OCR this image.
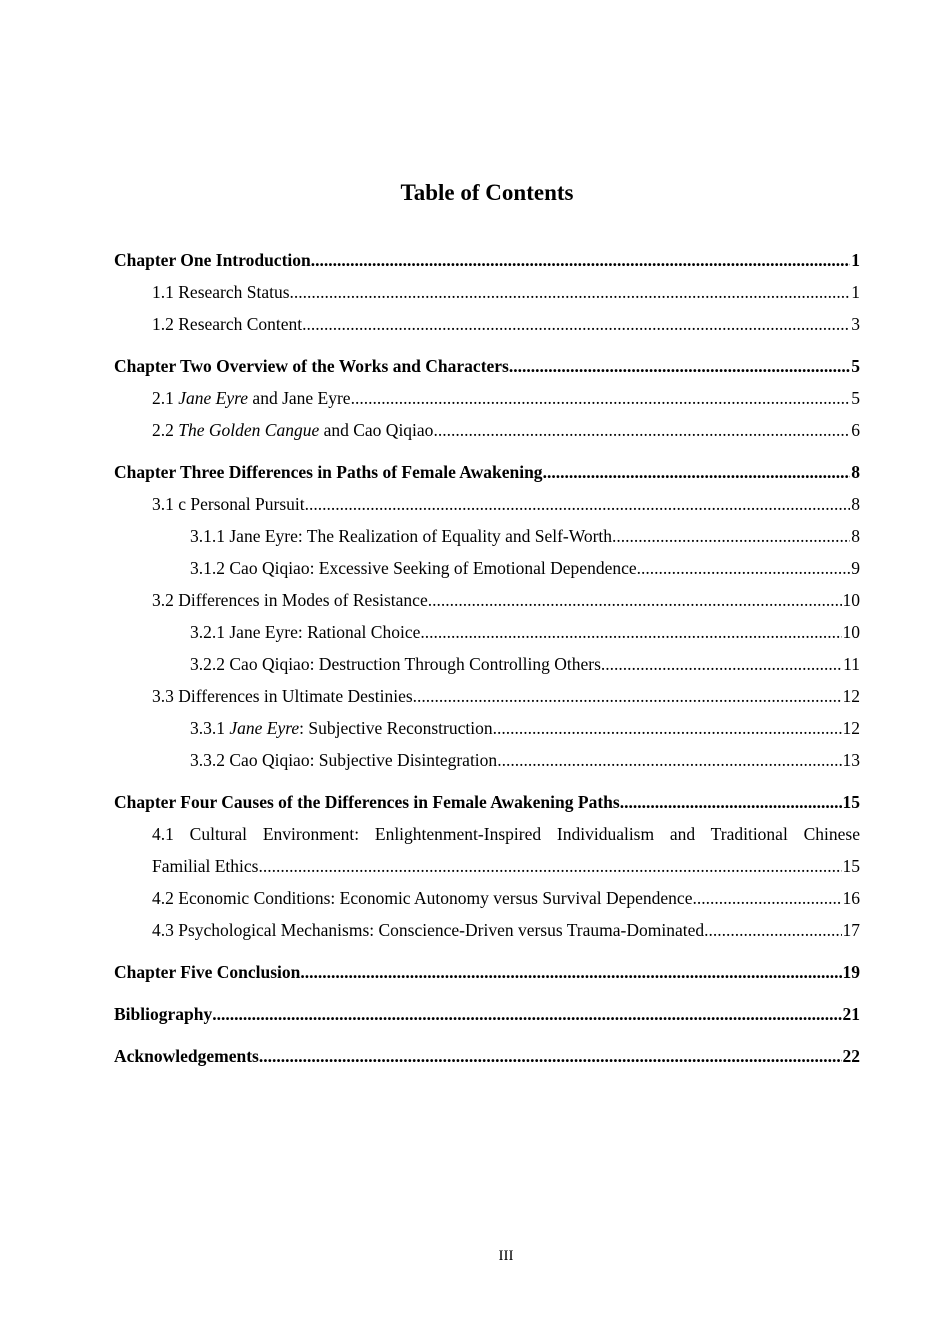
Table of Contents
Chapter One Introduction .....	1
1.1 Research Status .....	1
1.2 Research Content .....	3
Chapter Two Overview of the Works and Characters .....	5
2.1 Jane Eyre and Jane Eyre .....	5
2.2 The Golden Cangue and Cao Qiqiao .....	6
Chapter Three Differences in Paths of Female Awakening .....	8
3.1 c Personal Pursuit .....	8
3.1.1 Jane Eyre: The Realization of Equality and Self-Worth .....	8
3.1.2 Cao Qiqiao: Excessive Seeking of Emotional Dependence .....	9
3.2 Differences in Modes of Resistance .....	10
3.2.1 Jane Eyre: Rational Choice .....	10
3.2.2 Cao Qiqiao: Destruction Through Controlling Others .....	11
3.3 Differences in Ultimate Destinies .....	12
3.3.1 Jane Eyre: Subjective Reconstruction .....	12
3.3.2 Cao Qiqiao: Subjective Disintegration .....	13
Chapter Four Causes of the Differences in Female Awakening Paths .....	15
4.1 Cultural Environment: Enlightenment-Inspired Individualism and Traditional Chinese
Familial Ethics .....	15
4.2 Economic Conditions: Economic Autonomy versus Survival Dependence .....	16
4.3 Psychological Mechanisms: Conscience-Driven versus Trauma-Dominated .....	17
Chapter Five Conclusion .....	19
Bibliography .....	21
Acknowledgements .....	22
III
